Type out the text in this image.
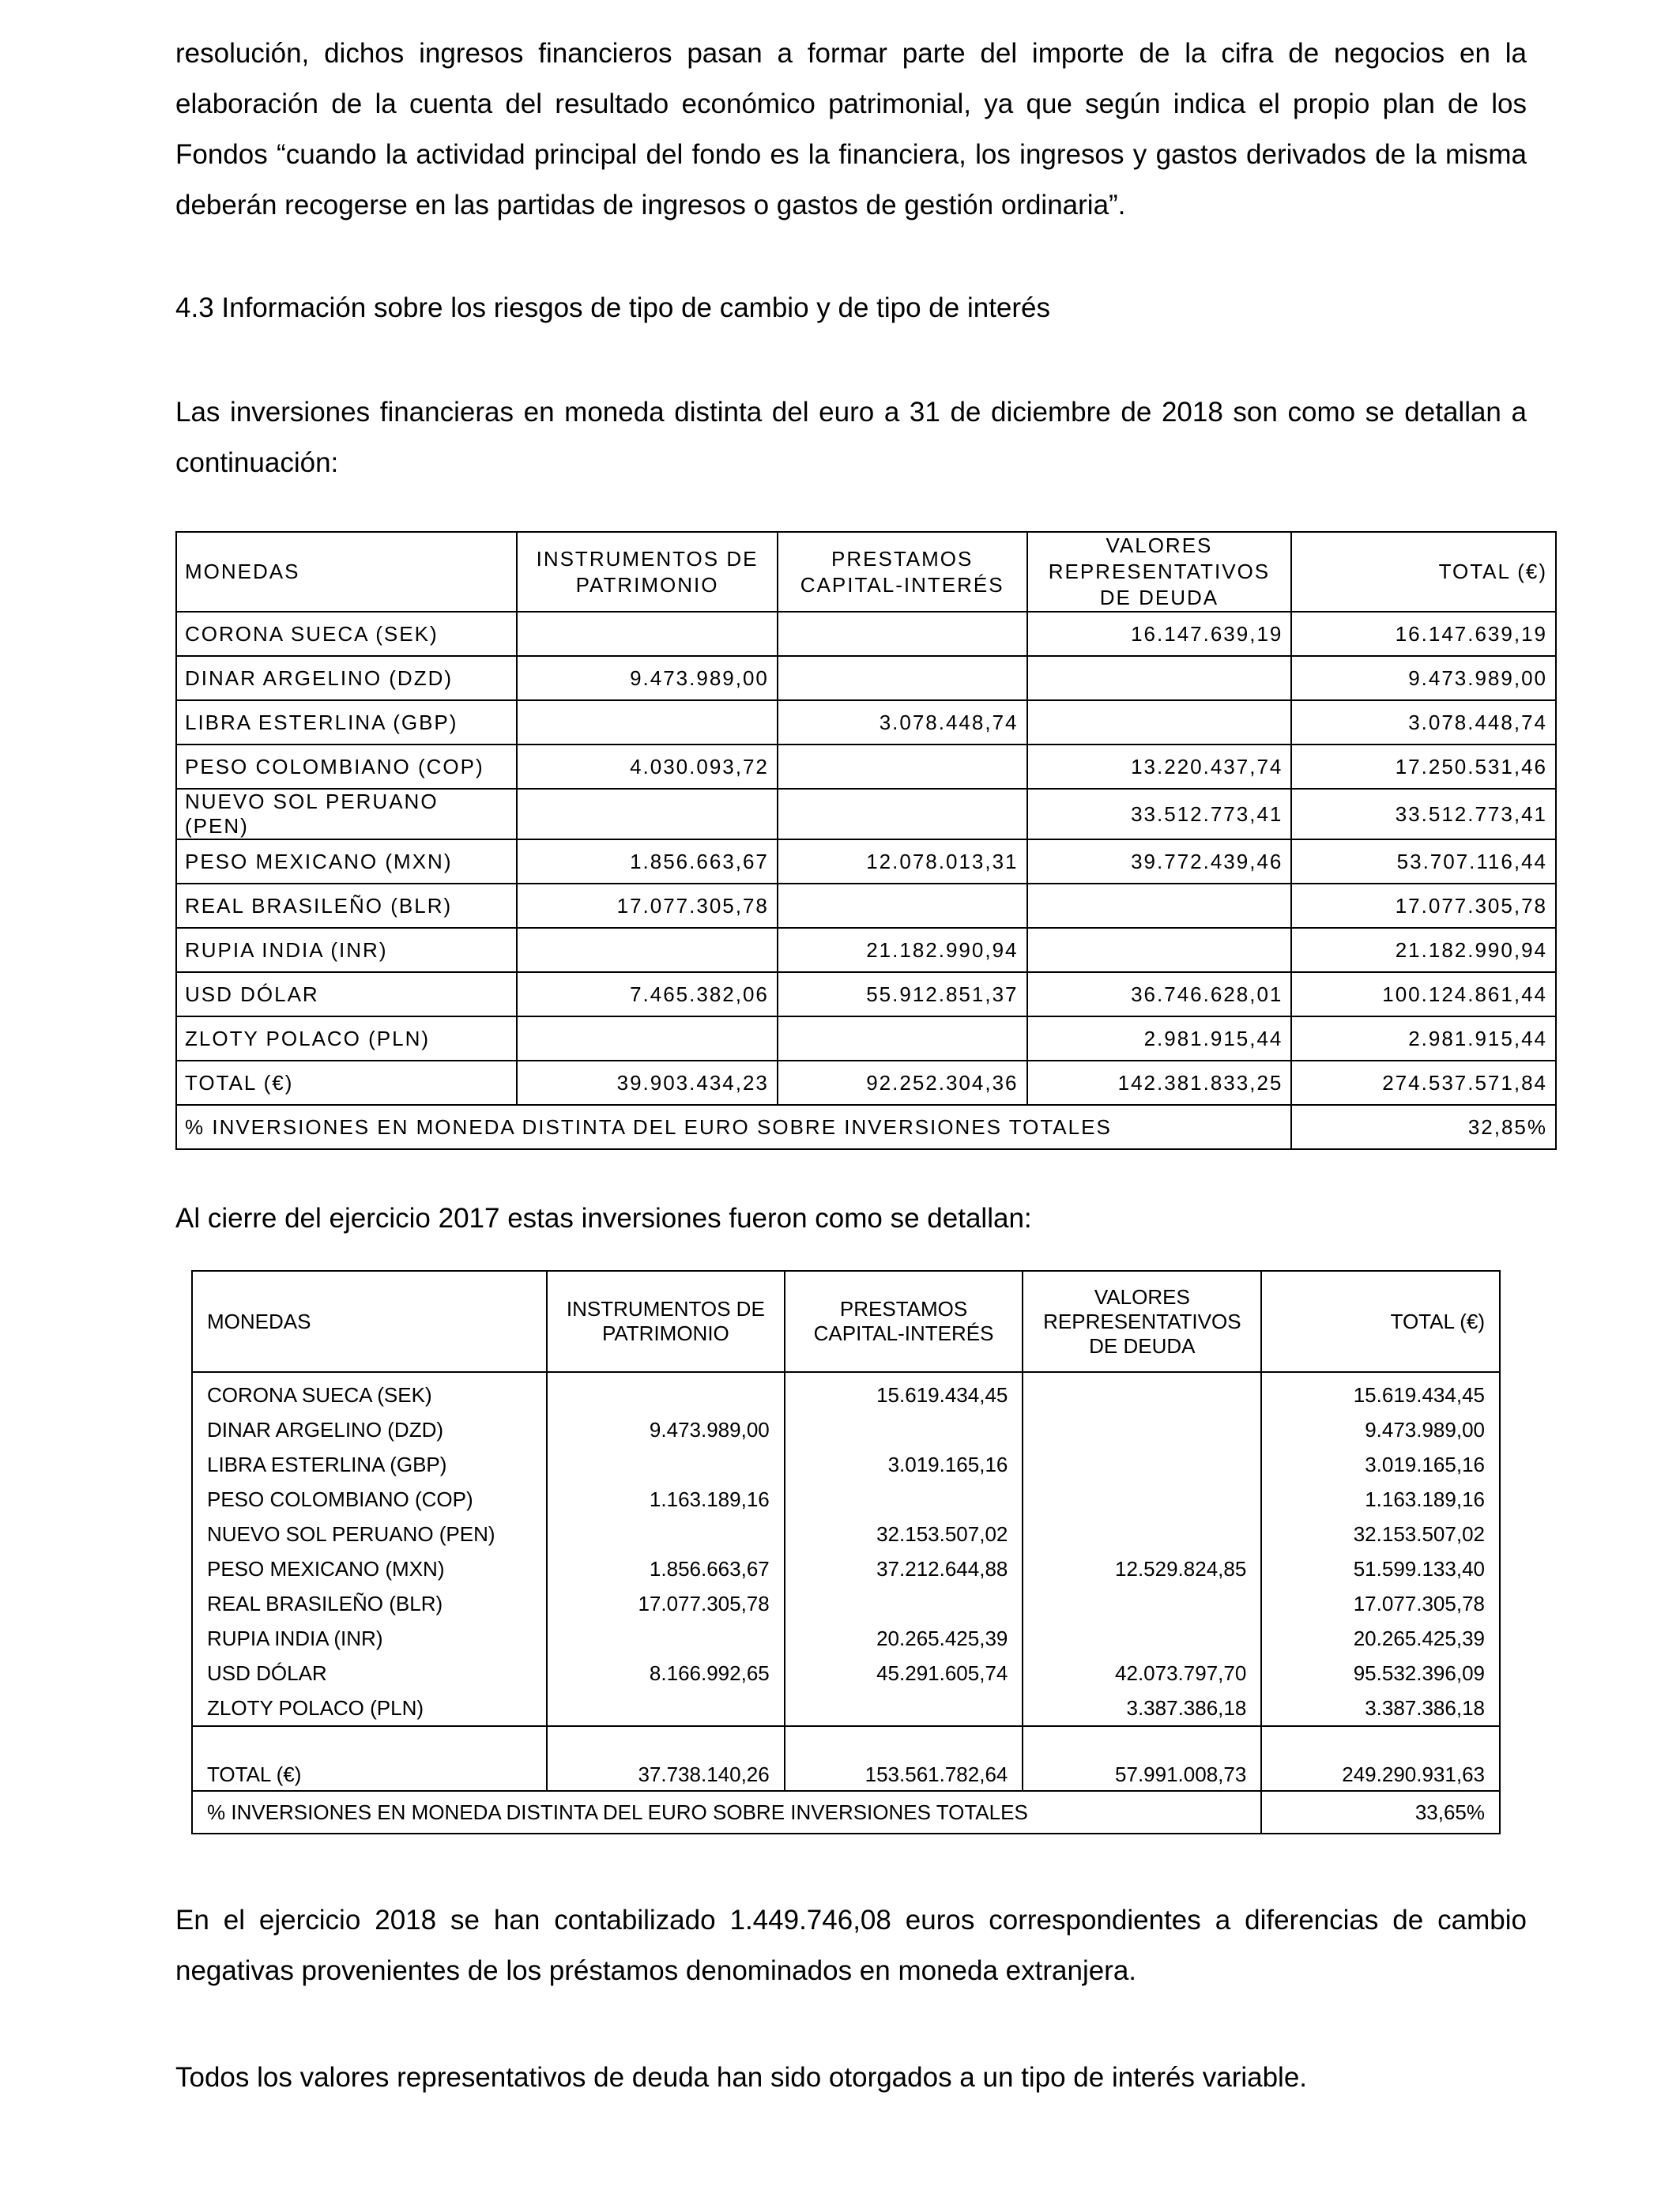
resolución, dichos ingresos financieros pasan a formar parte del importe de la cifra de negocios en la elaboración de la cuenta del resultado económico patrimonial, ya que según indica el propio plan de los Fondos “cuando la actividad principal del fondo es la financiera, los ingresos y gastos derivados de la misma deberán recogerse en las partidas de ingresos o gastos de gestión ordinaria”.

4.3 Información sobre los riesgos de tipo de cambio y de tipo de interés

Las inversiones financieras en moneda distinta del euro a 31 de diciembre de 2018 son como se detallan a continuación:

MONEDAS	INSTRUMENTOS DE PATRIMONIO	PRESTAMOS CAPITAL-INTERÉS	VALORES REPRESENTATIVOS DE DEUDA	TOTAL (€)
CORONA SUECA (SEK)			16.147.639,19	16.147.639,19
DINAR ARGELINO (DZD)	9.473.989,00			9.473.989,00
LIBRA ESTERLINA (GBP)		3.078.448,74		3.078.448,74
PESO COLOMBIANO (COP)	4.030.093,72		13.220.437,74	17.250.531,46
NUEVO SOL PERUANO (PEN)			33.512.773,41	33.512.773,41
PESO MEXICANO (MXN)	1.856.663,67	12.078.013,31	39.772.439,46	53.707.116,44
REAL BRASILEÑO (BLR)	17.077.305,78			17.077.305,78
RUPIA INDIA (INR)		21.182.990,94		21.182.990,94
USD DÓLAR	7.465.382,06	55.912.851,37	36.746.628,01	100.124.861,44
ZLOTY POLACO (PLN)			2.981.915,44	2.981.915,44
TOTAL (€)	39.903.434,23	92.252.304,36	142.381.833,25	274.537.571,84
% INVERSIONES EN MONEDA DISTINTA DEL EURO SOBRE INVERSIONES TOTALES				32,85%

Al cierre del ejercicio 2017 estas inversiones fueron como se detallan:

MONEDAS	INSTRUMENTOS DE PATRIMONIO	PRESTAMOS CAPITAL-INTERÉS	VALORES REPRESENTATIVOS DE DEUDA	TOTAL (€)
CORONA SUECA (SEK)		15.619.434,45		15.619.434,45
DINAR ARGELINO (DZD)	9.473.989,00			9.473.989,00
LIBRA ESTERLINA (GBP)		3.019.165,16		3.019.165,16
PESO COLOMBIANO (COP)	1.163.189,16			1.163.189,16
NUEVO SOL PERUANO (PEN)		32.153.507,02		32.153.507,02
PESO MEXICANO (MXN)	1.856.663,67	37.212.644,88	12.529.824,85	51.599.133,40
REAL BRASILEÑO (BLR)	17.077.305,78			17.077.305,78
RUPIA INDIA (INR)		20.265.425,39		20.265.425,39
USD DÓLAR	8.166.992,65	45.291.605,74	42.073.797,70	95.532.396,09
ZLOTY POLACO (PLN)			3.387.386,18	3.387.386,18
TOTAL (€)	37.738.140,26	153.561.782,64	57.991.008,73	249.290.931,63
% INVERSIONES EN MONEDA DISTINTA DEL EURO SOBRE INVERSIONES TOTALES				33,65%

En el ejercicio 2018 se han contabilizado 1.449.746,08 euros correspondientes a diferencias de cambio negativas provenientes de los préstamos denominados en moneda extranjera.

Todos los valores representativos de deuda han sido otorgados a un tipo de interés variable.
